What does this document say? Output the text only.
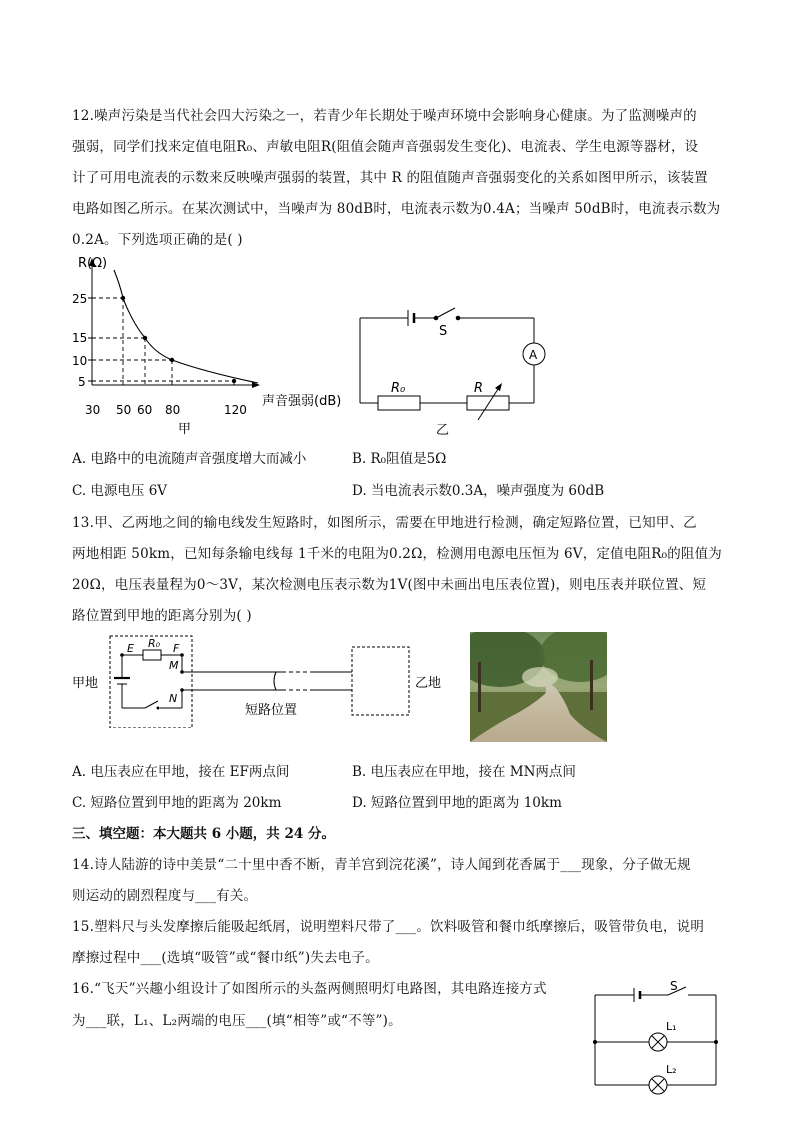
12.噪声污染是当代社会四大污染之一，若青少年长期处于噪声环境中会影响身心健康。为了监测噪声的
强弱，同学们找来定值电阻R₀、声敏电阻R(阻值会随声音强弱发生变化)、电流表、学生电源等器材，设
计了可用电流表的示数来反映噪声强弱的装置，其中 R 的阻值随声音强弱变化的关系如图甲所示，该装置
电路如图乙所示。在某次测试中，当噪声为 80dB时，电流表示数为0.4A；当噪声 50dB时，电流表示数为
0.2A。下列选项正确的是( )
R(Ω)
25
15
10
5
30 50 60 80	120
声音强弱(dB)
甲
S
A
R₀	R
乙
A. 电路中的电流随声音强度增大而减小	B. R₀阻值是5Ω
C. 电源电压 6V	D. 当电流表示数0.3A，噪声强度为 60dB
13.甲、乙两地之间的输电线发生短路时，如图所示，需要在甲地进行检测，确定短路位置，已知甲、乙
两地相距 50km，已知每条输电线每 1千米的电阻为0.2Ω，检测用电源电压恒为 6V，定值电阻R₀的阻值为
20Ω，电压表量程为0～3V，某次检测电压表示数为1V(图中未画出电压表位置)，则电压表并联位置、短
路位置到甲地的距离分别为( )
甲地	乙地
短路位置
E R₀ F
M
N
A. 电压表应在甲地，接在 EF两点间	B. 电压表应在甲地，接在 MN两点间
C. 短路位置到甲地的距离为 20km	D. 短路位置到甲地的距离为 10km
三、填空题：本大题共 6 小题，共 24 分。
14.诗人陆游的诗中美景“二十里中香不断，青羊宫到浣花溪”，诗人闻到花香属于___现象，分子做无规
则运动的剧烈程度与___有关。
15.塑料尺与头发摩擦后能吸起纸屑，说明塑料尺带了___。饮料吸管和餐巾纸摩擦后，吸管带负电，说明
摩擦过程中___(选填“吸管”或“餐巾纸”)失去电子。
16.“飞天”兴趣小组设计了如图所示的头盔两侧照明灯电路图，其电路连接方式
为___联，L₁、L₂两端的电压___(填“相等”或“不等”)。
S
L₁
L₂
